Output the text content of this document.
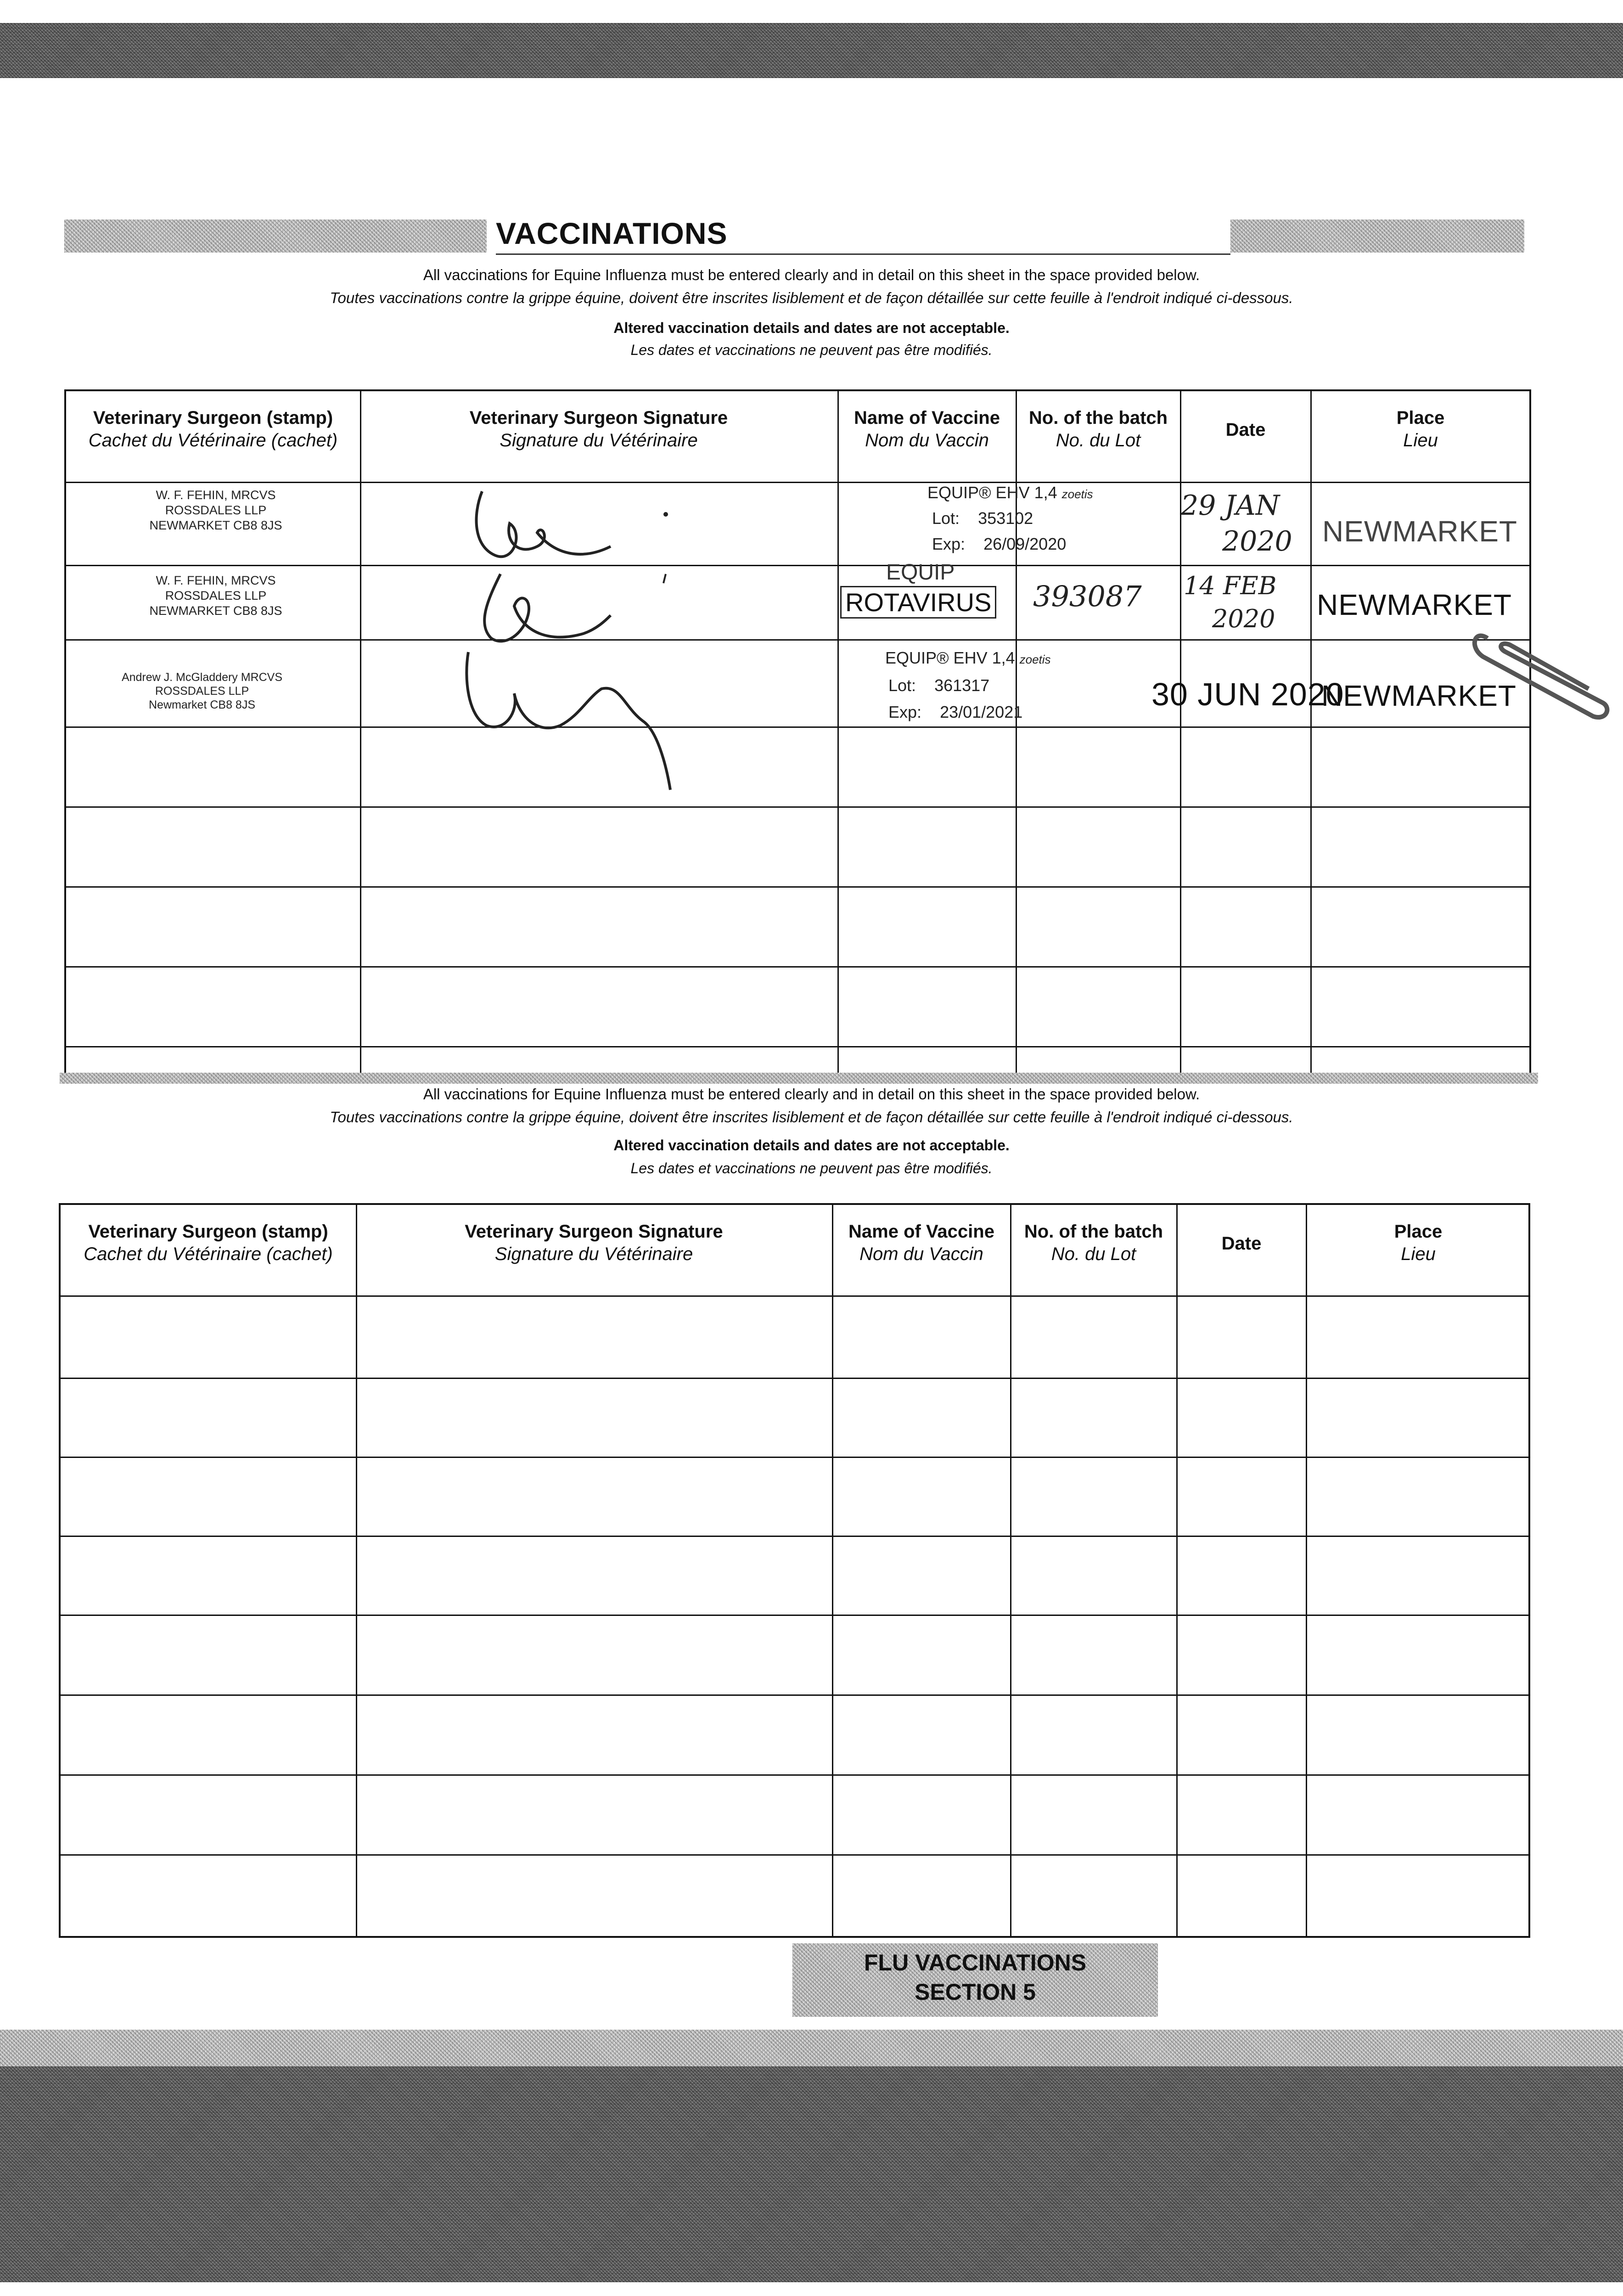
VACCINATIONS
All vaccinations for Equine Influenza must be entered clearly and in detail on this sheet in the space provided below.
Toutes vaccinations contre la grippe équine, doivent être inscrites lisiblement et de façon détaillée sur cette feuille à l'endroit indiqué ci-dessous.
Altered vaccination details and dates are not acceptable.
Les dates et vaccinations ne peuvent pas être modifiés.
Veterinary Surgeon (stamp)
Cachet du Vétérinaire (cachet)
Veterinary Surgeon Signature
Signature du Vétérinaire
Name of Vaccine
Nom du Vaccin
No. of the batch
No. du Lot
Date
Place
Lieu
W. F. FEHIN, MRCVS
ROSSDALES LLP
NEWMARKET CB8 8JS
EQUIP® EHV 1,4 zoetis
Lot: 353102
Exp: 26/09/2020
29 JAN
2020 NEWMARKET
W. F. FEHIN, MRCVS
ROSSDALES LLP
NEWMARKET CB8 8JS
EQUIP
ROTAVIRUS 393087 14 FEB
2020 NEWMARKET
Andrew J. McGladdery MRCVS
ROSSDALES LLP
Newmarket CB8 8JS
EQUIP® EHV 1,4 zoetis
Lot: 361317
Exp: 23/01/2021	30 JUN 2020
NEWMARKET
All vaccinations for Equine Influenza must be entered clearly and in detail on this sheet in the space provided below.
Toutes vaccinations contre la grippe équine, doivent être inscrites lisiblement et de façon détaillée sur cette feuille à l'endroit indiqué ci-dessous.
Altered vaccination details and dates are not acceptable.
Les dates et vaccinations ne peuvent pas être modifiés.
Veterinary Surgeon (stamp)
Cachet du Vétérinaire (cachet)
Veterinary Surgeon Signature
Signature du Vétérinaire
Name of Vaccine
Nom du Vaccin
No. of the batch
No. du Lot
Date
Place
Lieu
FLU VACCINATIONS
SECTION 5
